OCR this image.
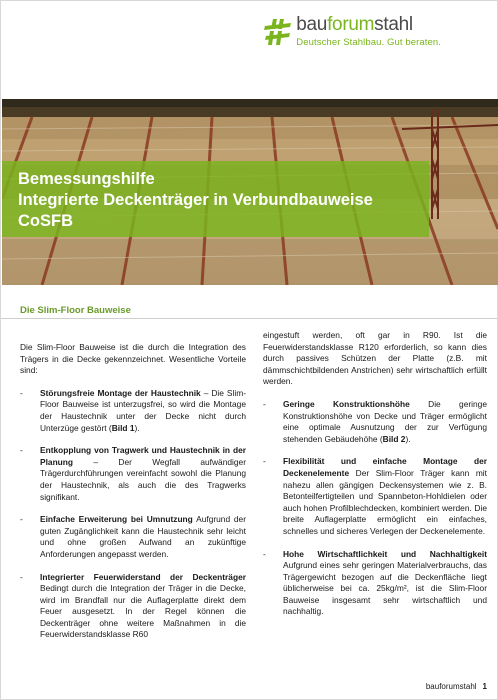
bauforumstahl
Deutscher Stahlbau. Gut beraten.
Bemessungshilfe
Integrierte Deckenträger in Verbundbauweise
CoSFB
Die Slim-Floor Bauweise

Die Slim-Floor Bauweise ist die durch die Integration des Trägers in die Decke gekennzeichnet. Wesentliche Vorteile sind:

- Störungsfreie Montage der Haustechnik – Die Slim-Floor Bauweise ist unterzugsfrei, so wird die Montage der Haustechnik unter der Decke nicht durch Unterzüge gestört (Bild 1).
- Entkopplung von Tragwerk und Haustechnik in der Planung – Der Wegfall aufwändiger Trägerdurchführungen vereinfacht sowohl die Planung der Haustechnik, als auch die des Tragwerks signifikant.
- Einfache Erweiterung bei Umnutzung Aufgrund der guten Zugänglichkeit kann die Haustechnik sehr leicht und ohne großen Aufwand an zukünftige Anforderungen angepasst werden.
- Integrierter Feuerwiderstand der Deckenträger Bedingt durch die Integration der Träger in die Decke, wird im Brandfall nur die Auflagerplatte direkt dem Feuer ausgesetzt. In der Regel können die Deckenträger ohne weitere Maßnahmen in die Feuerwiderstandsklasse R60

eingestuft werden, oft gar in R90. Ist die Feuerwiderstandsklasse R120 erforderlich, so kann dies durch passives Schützen der Platte (z.B. mit dämmschichtbildenden Anstrichen) sehr wirtschaftlich erfüllt werden.

- Geringe Konstruktionshöhe Die geringe Konstruktionshöhe von Decke und Träger ermöglicht eine optimale Ausnutzung der zur Verfügung stehenden Gebäudehöhe (Bild 2).
- Flexibilität und einfache Montage der Deckenelemente Der Slim-Floor Träger kann mit nahezu allen gängigen Deckensystemen wie z. B. Betonteilfertigteilen und Spannbeton-Hohldielen oder auch hohen Profilblechdecken, kombiniert werden. Die breite Auflagerplatte ermöglicht ein einfaches, schnelles und sicheres Verlegen der Deckenelemente.
- Hohe Wirtschaftlichkeit und Nachhaltigkeit Aufgrund eines sehr geringen Materialverbrauchs, das Trägergewicht bezogen auf die Deckenfläche liegt üblicherweise bei ca. 25kg/m², ist die Slim-Floor Bauweise insgesamt sehr wirtschaftlich und nachhaltig.
bauforumstahl 1
